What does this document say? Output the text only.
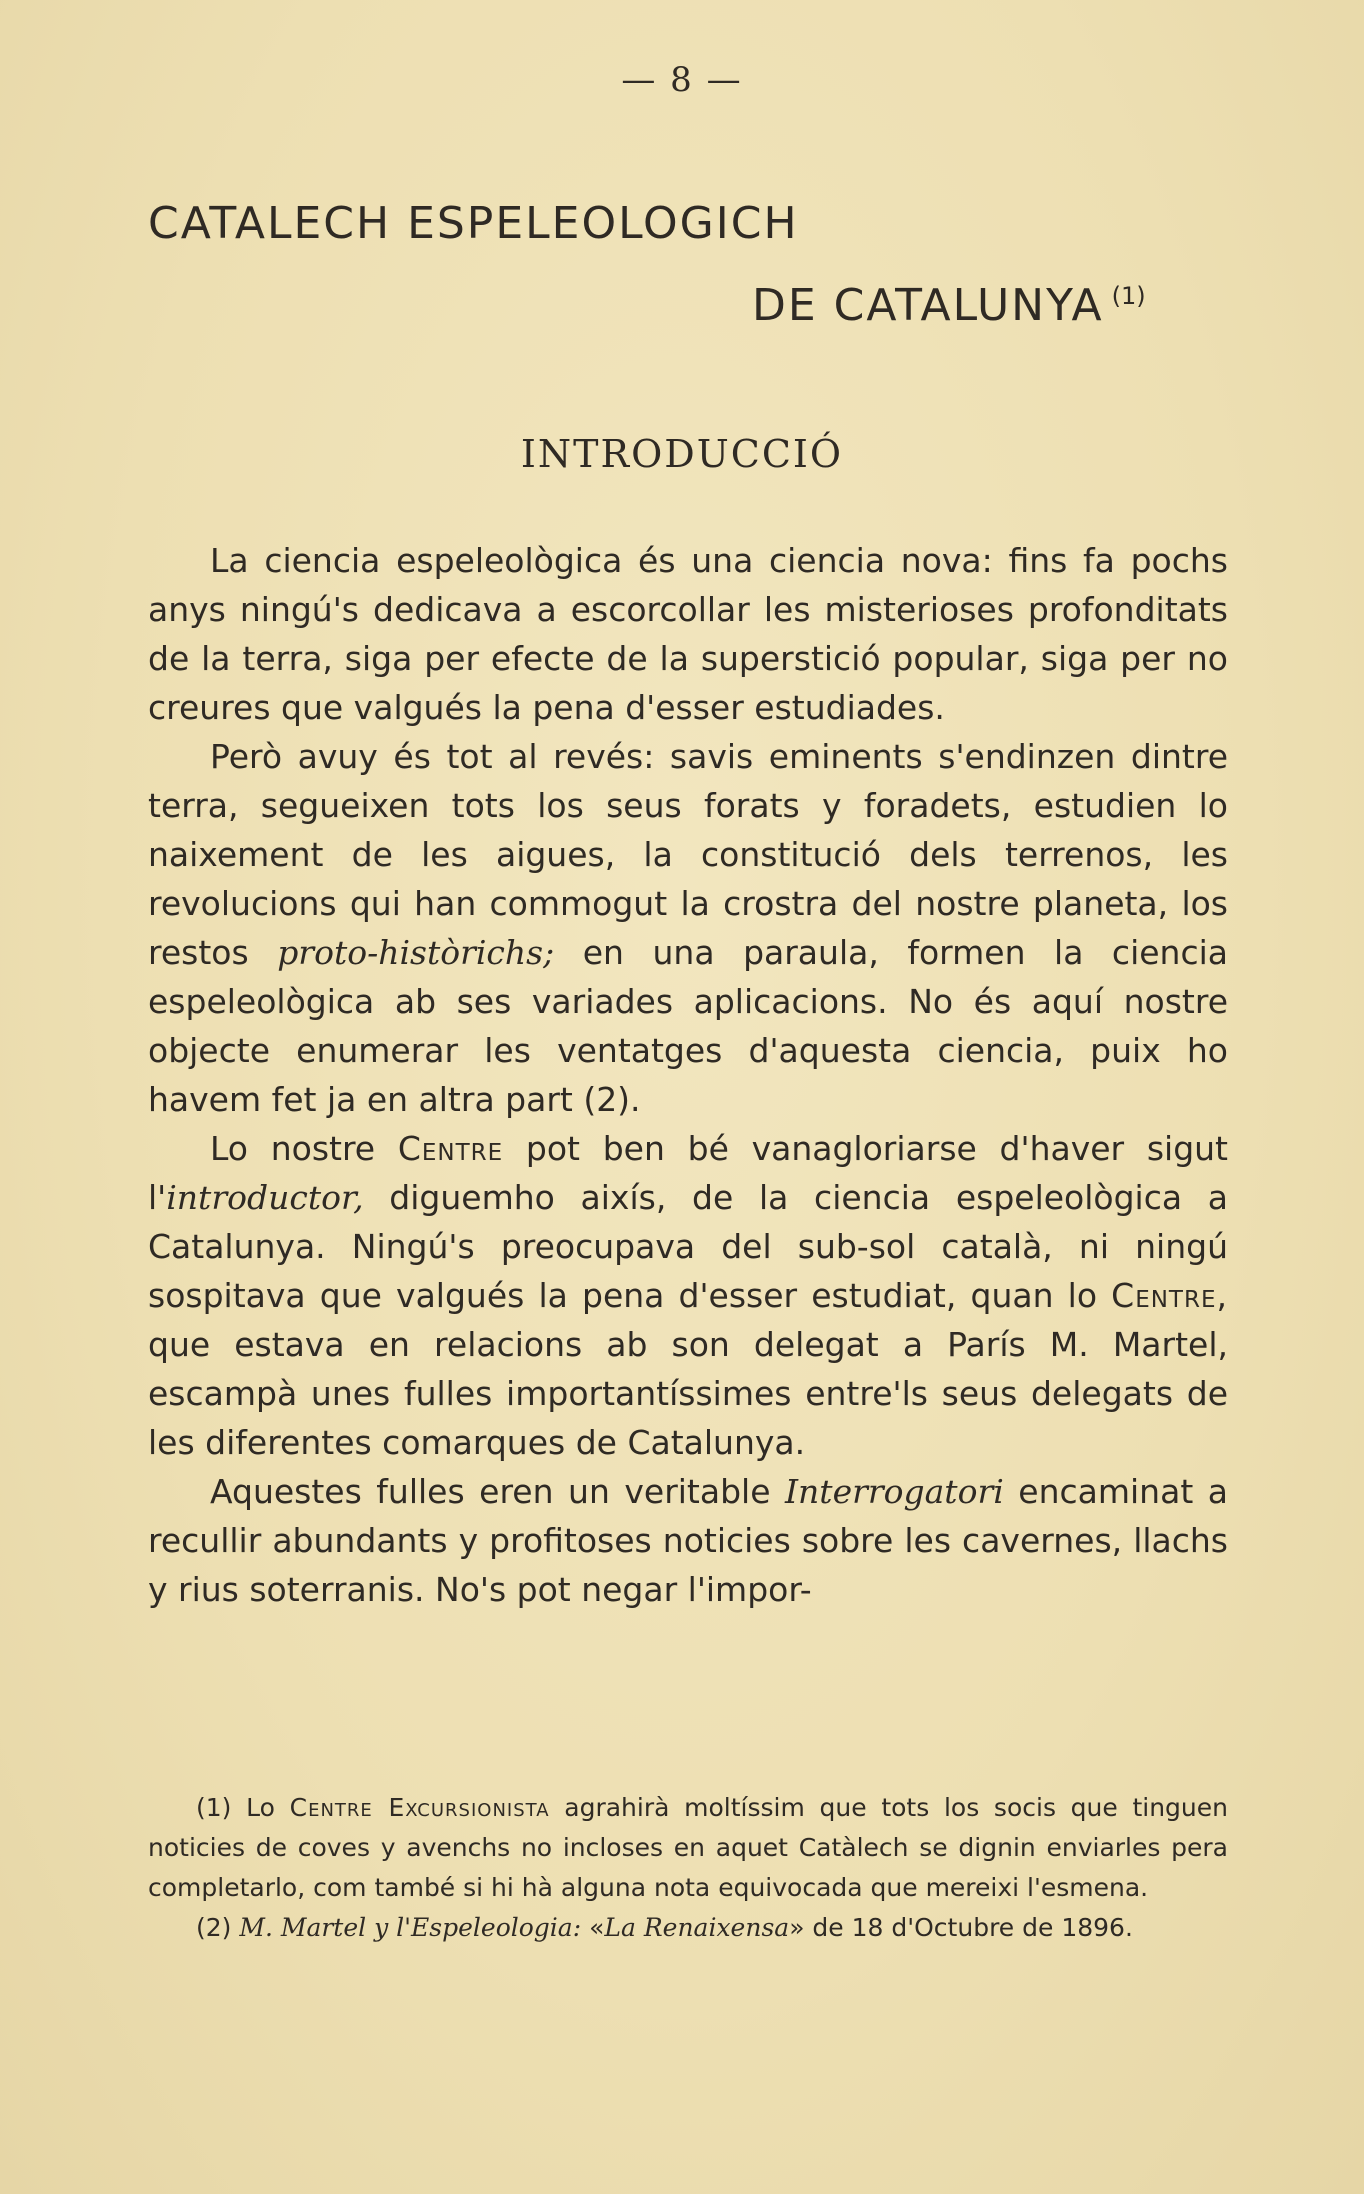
— 8 —
CATALECH ESPELEOLOGICH
DE CATALUNYA $^{(1)}$
INTRODUCCIÓ

La ciencia espeleològica és una ciencia nova: fins fa pochs anys ningú's dedicava a escorcollar les misterioses profonditats de la terra, siga per efecte de la superstició popular, siga per no creures que valgués la pena d'esser estudiades.

Però avuy és tot al revés: savis eminents s'endinzen dintre terra, segueixen tots los seus forats y foradets, estudien lo naixement de les aigues, la constitució dels terrenos, les revolucions qui han commogut la crostra del nostre planeta, los restos proto-històrichs; en una paraula, formen la ciencia espeleològica ab ses variades aplicacions. No és aquí nostre objecte enumerar les ventatges d'aquesta ciencia, puix ho havem fet ja en altra part (2).

Lo nostre Centre pot ben bé vanagloriarse d'haver sigut l'introductor, diguemho aixís, de la ciencia espeleològica a Catalunya. Ningú's preocupava del sub-sol català, ni ningú sospitava que valgués la pena d'esser estudiat, quan lo Centre, que estava en relacions ab son delegat a París M. Martel, escampà unes fulles importantíssimes entre'ls seus delegats de les diferentes comarques de Catalunya.

Aquestes fulles eren un veritable Interrogatori encaminat a recullir abundants y profitoses noticies sobre les cavernes, llachs y rius soterranis. No's pot negar l'impor-

(1) Lo Centre Excursionista agrahirà moltíssim que tots los socis que tinguen noticies de coves y avenchs no incloses en aquet Catàlech se dignin enviarles pera completarlo, com també si hi hà alguna nota equivocada que mereixi l'esmena.

(2) M. Martel y l'Espeleologia: «La Renaixensa» de 18 d'Octubre de 1896.
